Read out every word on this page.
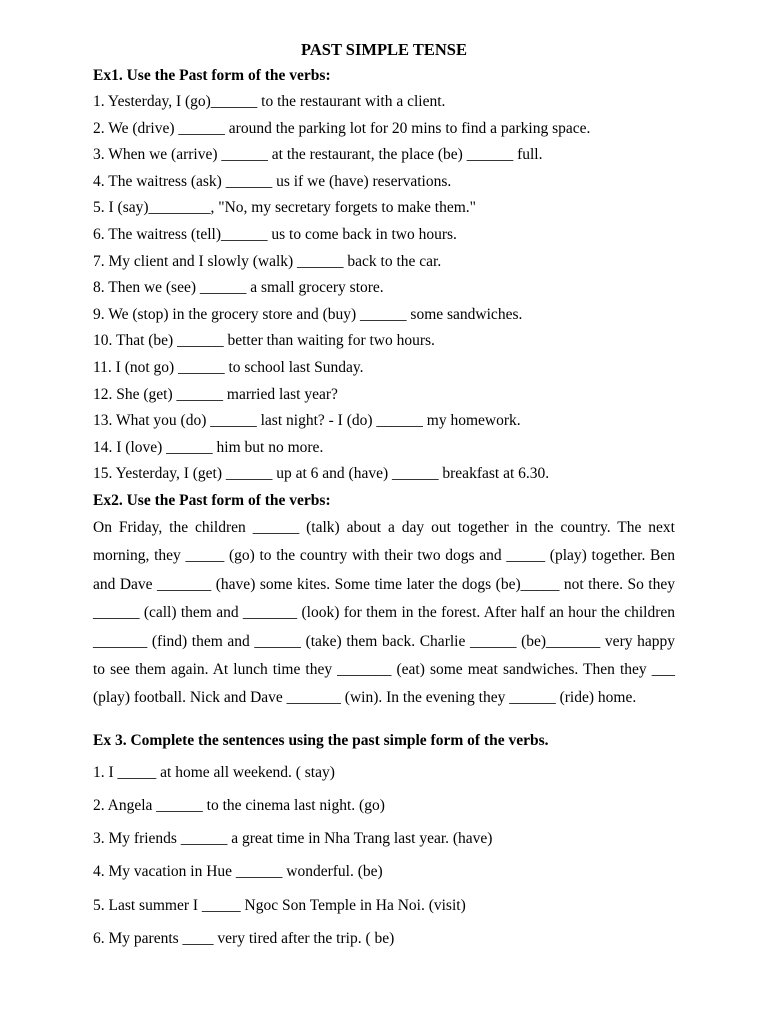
PAST SIMPLE TENSE
Ex1. Use the Past form of the verbs:
1. Yesterday, I (go)______ to the restaurant with a client.
2. We (drive) ______ around the parking lot for 20 mins to find a parking space.
3. When we (arrive) ______ at the restaurant, the place (be) ______ full.
4. The waitress (ask) ______ us if we (have) reservations.
5. I (say)________, "No, my secretary forgets to make them."
6. The waitress (tell)______ us to come back in two hours.
7. My client and I slowly (walk) ______ back to the car.
8. Then we (see) ______ a small grocery store.
9. We (stop) in the grocery store and (buy) ______ some sandwiches.
10. That (be) ______ better than waiting for two hours.
11. I (not go) ______ to school last Sunday.
12. She (get) ______ married last year?
13. What you (do) ______ last night? - I (do) ______ my homework.
14. I (love) ______ him but no more.
15. Yesterday, I (get) ______ up at 6 and (have) ______ breakfast at 6.30.
Ex2. Use the Past form of the verbs:

On Friday, the children ______ (talk) about a day out together in the country. The next morning, they _____ (go) to the country with their two dogs and _____ (play) together. Ben and Dave _______ (have) some kites. Some time later the dogs (be)_____ not there. So they ______ (call) them and _______ (look) for them in the forest. After half an hour the children _______ (find) them and ______ (take) them back. Charlie ______ (be)_______ very happy to see them again. At lunch time they _______ (eat) some meat sandwiches. Then they ___ (play) football. Nick and Dave _______ (win). In the evening they ______ (ride) home.

Ex 3. Complete the sentences using the past simple form of the verbs.
1. I _____ at home all weekend. ( stay)
2. Angela ______ to the cinema last night. (go)
3. My friends ______ a great time in Nha Trang last year. (have)
4. My vacation in Hue ______ wonderful. (be)
5. Last summer I _____ Ngoc Son Temple in Ha Noi. (visit)
6. My parents ____ very tired after the trip. ( be)
